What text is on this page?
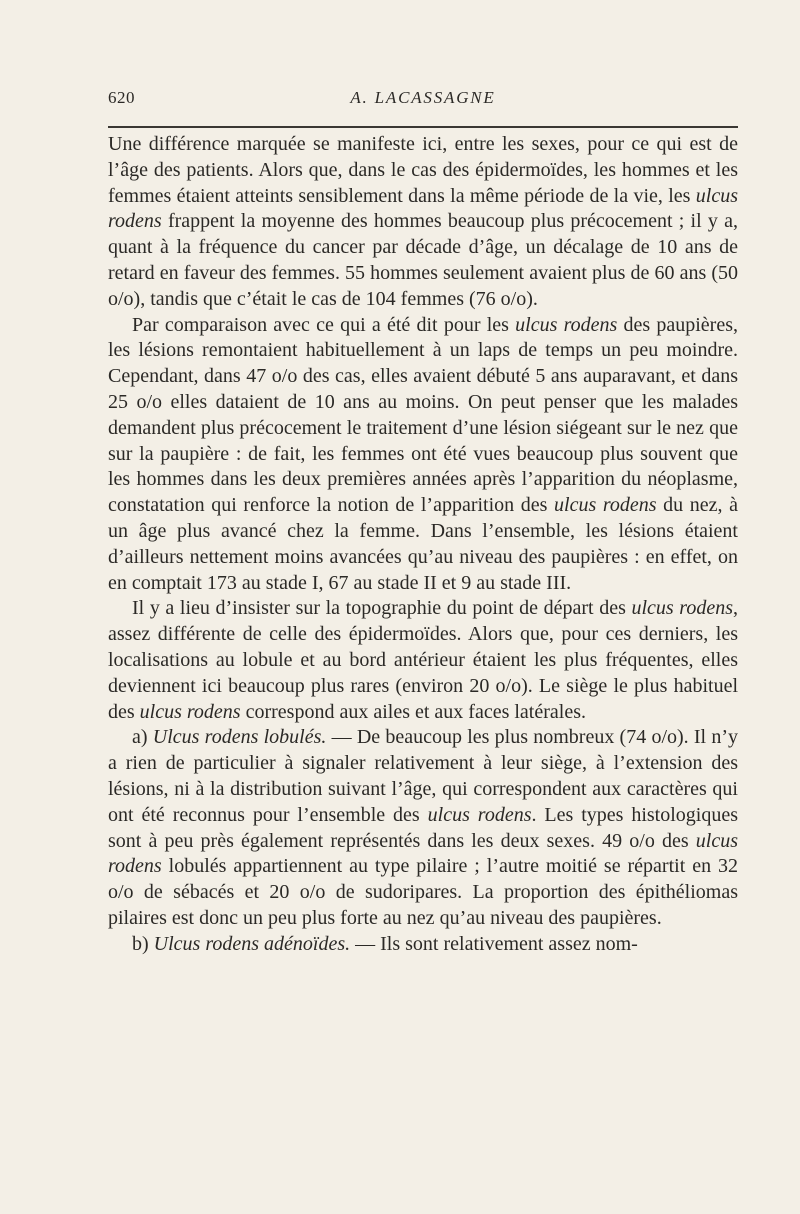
620	A. LACASSAGNE

Une différence marquée se manifeste ici, entre les sexes, pour ce qui est de l’âge des patients. Alors que, dans le cas des épidermoïdes, les hommes et les femmes étaient atteints sensiblement dans la même période de la vie, les ulcus rodens frappent la moyenne des hommes beaucoup plus précocement ; il y a, quant à la fréquence du cancer par décade d’âge, un décalage de 10 ans de retard en faveur des femmes. 55 hommes seulement avaient plus de 60 ans (50 o/o), tandis que c’était le cas de 104 femmes (76 o/o).

Par comparaison avec ce qui a été dit pour les ulcus rodens des paupières, les lésions remontaient habituellement à un laps de temps un peu moindre. Cependant, dans 47 o/o des cas, elles avaient débuté 5 ans auparavant, et dans 25 o/o elles dataient de 10 ans au moins. On peut penser que les malades demandent plus précocement le traitement d’une lésion siégeant sur le nez que sur la paupière : de fait, les femmes ont été vues beaucoup plus souvent que les hommes dans les deux premières années après l’apparition du néoplasme, constatation qui renforce la notion de l’apparition des ulcus rodens du nez, à un âge plus avancé chez la femme. Dans l’ensemble, les lésions étaient d’ailleurs nettement moins avancées qu’au niveau des paupières : en effet, on en comptait 173 au stade I, 67 au stade II et 9 au stade III.

Il y a lieu d’insister sur la topographie du point de départ des ulcus rodens, assez différente de celle des épidermoïdes. Alors que, pour ces derniers, les localisations au lobule et au bord antérieur étaient les plus fréquentes, elles deviennent ici beaucoup plus rares (environ 20 o/o). Le siège le plus habituel des ulcus rodens correspond aux ailes et aux faces latérales.

a) Ulcus rodens lobulés. — De beaucoup les plus nombreux (74 o/o). Il n’y a rien de particulier à signaler relativement à leur siège, à l’extension des lésions, ni à la distribution suivant l’âge, qui correspondent aux caractères qui ont été reconnus pour l’ensemble des ulcus rodens. Les types histologiques sont à peu près également représentés dans les deux sexes. 49 o/o des ulcus rodens lobulés appartiennent au type pilaire ; l’autre moitié se répartit en 32 o/o de sébacés et 20 o/o de sudoripares. La proportion des épithéliomas pilaires est donc un peu plus forte au nez qu’au niveau des paupières.

b) Ulcus rodens adénoïdes. — Ils sont relativement assez nom-
